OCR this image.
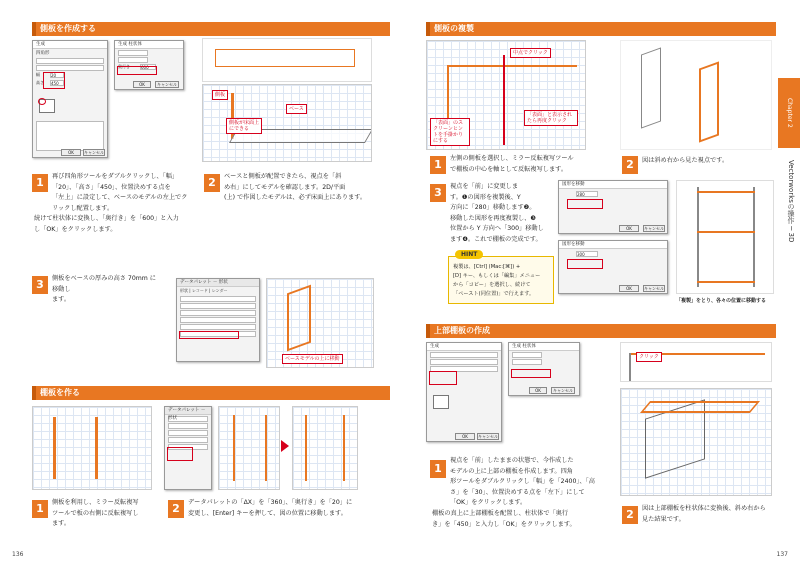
側板を作成する
生成
四角形
幅	20
高さ 450
OK	キャンセル
生成 柱状体
奥行き	600
OK	キャンセル
側板
ベース
側板が床面上にできる
1	再び四角形ツールをダブルクリックし、「幅」
「20」、「高さ」「450」、位置決めする点を
「左上」に設定して、ベースのモデルの左上でク
リックし配置します。
続けて柱状体に変換し、「奥行き」を「600」と入力
し「OK」をクリックします。
2	ベースと側板が配置できたら、視点を「斜
め右」にしてモデルを確認します。2D/平面
(上) で作図したモデルは、必ず床面上にあります。
3	側板をベースの厚みの高さ 70mm に移動し
ます。
データパレット － 形状
形状 | レコード | レンダー
ベースモデルの上に移動
棚板を作る
データパレット － 形状
1	側板を利用し、ミラー反転複写
ツールで板の右側に反転複写し
ます。
2	データパレットの「ΔX」を「360」、「奥行き」を「20」に
変更し、[Enter] キーを押して、図の位置に移動します。
136
側板の複製
中点でクリック
「表面」と表示されたら再度クリック
「表面」のスクリーンヒントを手掛かりにする
1	左側の側板を選択し、ミラー反転複写ツール
で棚板の中心を軸として反転複写します。	2	図は斜め右から見た視点です。
3	視点を「前」に変更しま
す。❶の図形を複製後、Y
方向に「280」移動します❷。
移動した図形を再度複製し、❸
位置から Y 方向へ「300」移動し
ます❹。これで棚板の完成です。
図形を移動
280
OK	キャンセル
図形を移動
300
OK	キャンセル
「複製」をとり、各々の位置に移動する
HINT
複製は、[Ctrl] (Mac:[⌘]) +
[D] キー、もしくは「編集」メニュー
から「コピー」を選択し、続けて
「ペースト(同位置)」で行えます。
上部棚板の作成
生成
OK	キャンセル
生成 柱状体
OK	キャンセル
クリック
1
視点を「前」したままの状態で、今作成した
モデルの上に上部の棚板を作成します。四角
形ツールをダブルクリックし「幅」を「2400」、「高
さ」を「30」、位置決めする点を「左下」にして
「OK」をクリックします。
棚板の真上に上部棚板を配置し、柱状体で「奥行
き」を「450」と入力し「OK」をクリックします。
2	図は上部棚板を柱状体に変換後、斜め右から
見た結果です。
Chapter 2
Vectorworksの操作 ─ 3D
137
